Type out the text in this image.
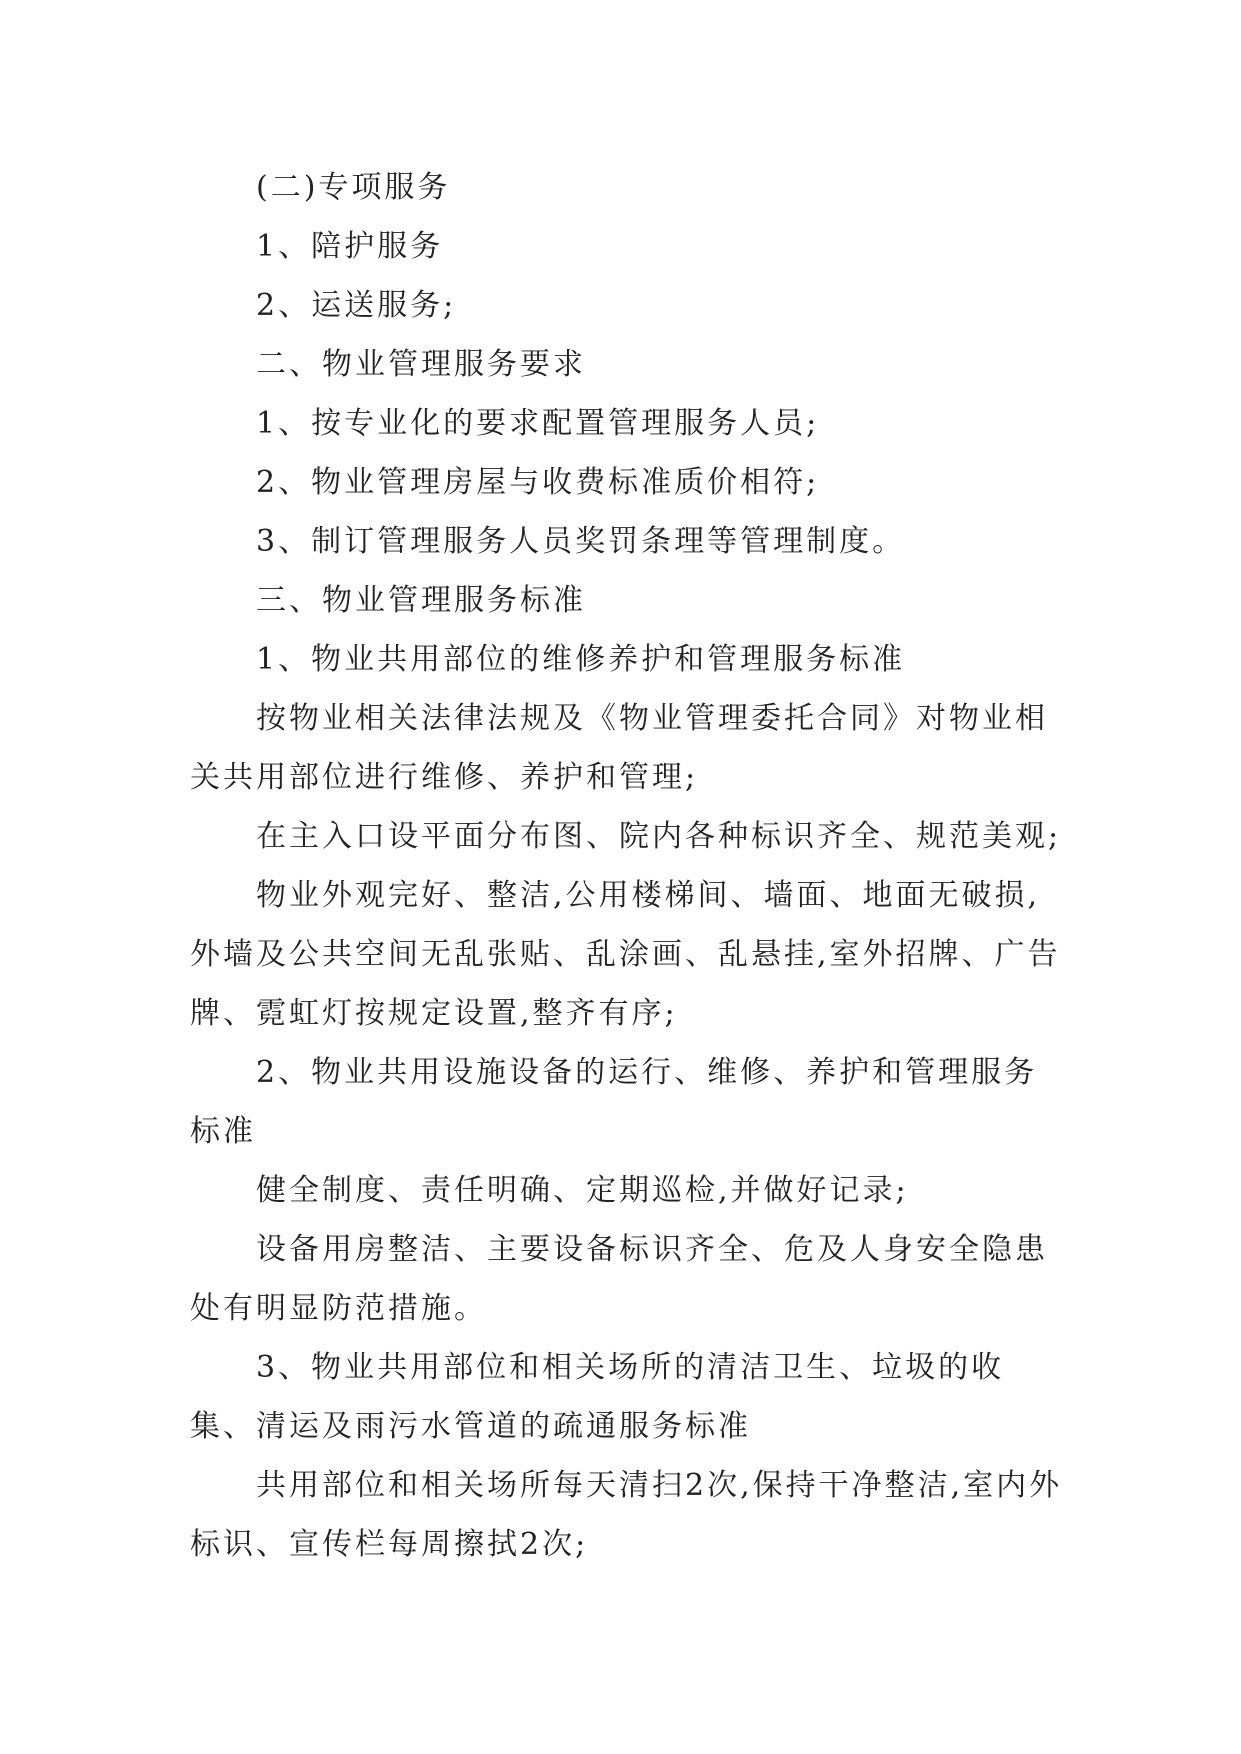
(二)专项服务

1、陪护服务

2、运送服务;

二、物业管理服务要求

1、按专业化的要求配置管理服务人员;

2、物业管理房屋与收费标准质价相符;

3、制订管理服务人员奖罚条理等管理制度。

三、物业管理服务标准

1、物业共用部位的维修养护和管理服务标准

按物业相关法律法规及《物业管理委托合同》对物业相关共用部位进行维修、养护和管理;

在主入口设平面分布图、院内各种标识齐全、规范美观;

物业外观完好、整洁,公用楼梯间、墙面、地面无破损,外墙及公共空间无乱张贴、乱涂画、乱悬挂,室外招牌、广告牌、霓虹灯按规定设置,整齐有序;

2、物业共用设施设备的运行、维修、养护和管理服务标准

健全制度、责任明确、定期巡检,并做好记录;

设备用房整洁、主要设备标识齐全、危及人身安全隐患处有明显防范措施。

3、物业共用部位和相关场所的清洁卫生、垃圾的收集、清运及雨污水管道的疏通服务标准

共用部位和相关场所每天清扫2次,保持干净整洁,室内外标识、宣传栏每周擦拭2次;
